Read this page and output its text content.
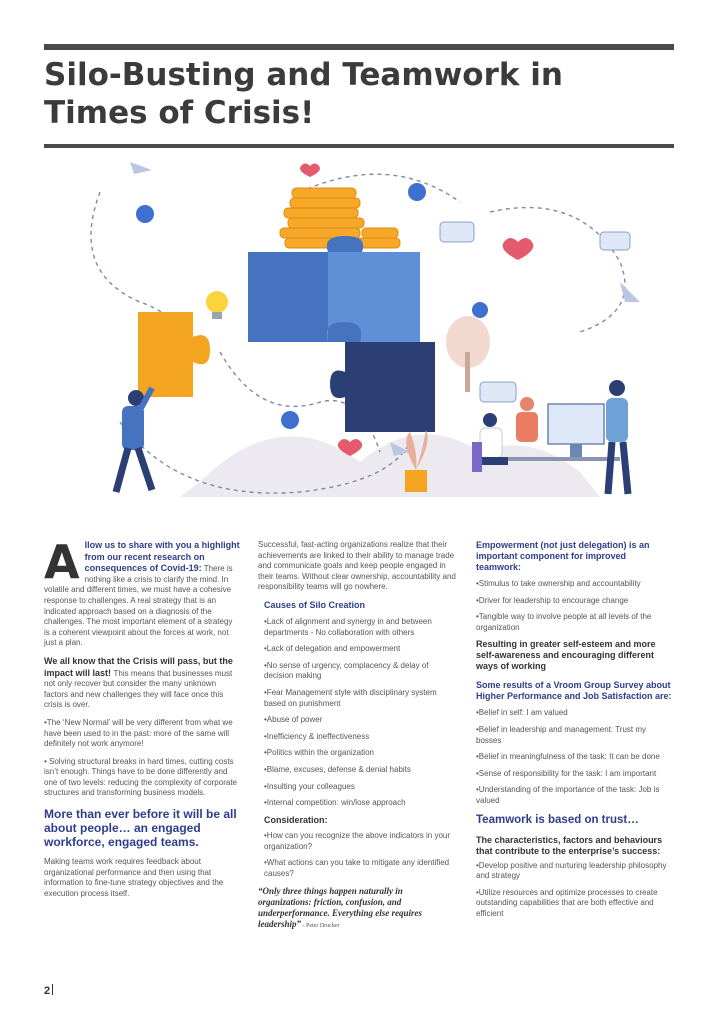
Silo-Busting and Teamwork in Times of Crisis!

A llow us to share with you a highlight from our recent research on consequences of Covid-19: There is nothing like a crisis to clarify the mind. In volatile and different times, we must have a cohesive response to challenges. A real strategy that is an indicated approach based on a diagnosis of the challenges. The most important element of a strategy is a coherent viewpoint about the forces at work, not just a plan.

We all know that the Crisis will pass, but the impact will last! This means that businesses must not only recover but consider the many unknown factors and new challenges they will face once this crisis is over.

•The ‘New Normal’ will be very different from what we have been used to in the past: more of the same will definitely not work anymore!

• Solving structural breaks in hard times, cutting costs isn’t enough. Things have to be done differently and one of two levels: reducing the complexity of corporate structures and transforming business models.

More than ever before it will be all about people… an engaged workforce, engaged teams.

Making teams work requires feedback about organizational performance and then using that information to fine-tune strategy objectives and the execution process itself.

Successful, fast-acting organizations realize that their achievements are linked to their ability to manage trade and communicate goals and keep people engaged in their teams. Without clear ownership, accountability and responsibility teams will go nowhere.

Causes of Silo Creation
•Lack of alignment and synergy in and between departments - No collaboration with others
•Lack of delegation and empowerment
•No sense of urgency, complacency & delay of decision making
•Fear Management style with disciplinary system based on punishment
•Abuse of power
•Inefficiency & ineffectiveness
•Politics within the organization
•Blame, excuses, defense & denial habits
•Insulting your colleagues
•Internal competition: win/lose approach
Consideration:
•How can you recognize the above indicators in your organization?
•What actions can you take to mitigate any identified causes?

“Only three things happen naturally in organizations: friction, confusion, and underperformance. Everything else requires leadership” - Peter Drucker

Empowerment (not just delegation) is an important component for improved teamwork:
•Stimulus to take ownership and accountability
•Driver for leadership to encourage change
•Tangible way to involve people at all levels of the organization
Resulting in greater self-esteem and more self-awareness and encouraging different ways of working
Some results of a Vroom Group Survey about Higher Performance and Job Satisfaction are:
•Belief in self: I am valued
•Belief in leadership and management: Trust my bosses
•Belief in meaningfulness of the task: It can be done
•Sense of responsibility for the task: I am important
•Understanding of the importance of the task: Job is valued
Teamwork is based on trust…
The characteristics, factors and behaviours that contribute to the enterprise’s success:
•Develop positive and nurturing leadership philosophy and strategy
•Utilize resources and optimize processes to create outstanding capabilities that are both effective and efficient
2
